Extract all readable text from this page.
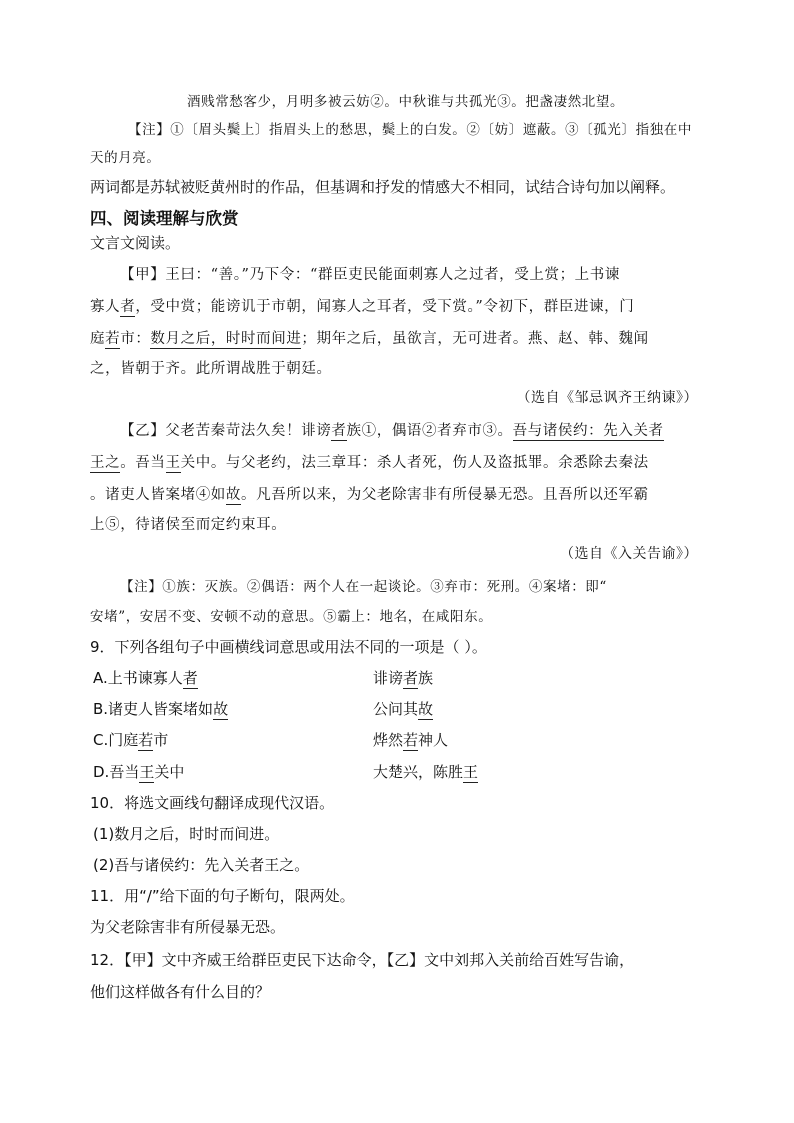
酒贱常愁客少，月明多被云妨②。中秋谁与共孤光③。把盏凄然北望。
【注】①〔眉头鬓上〕指眉头上的愁思，鬓上的白发。②〔妨〕遮蔽。③〔孤光〕指独在中
天的月亮。
两词都是苏轼被贬黄州时的作品，但基调和抒发的情感大不相同，试结合诗句加以阐释。
四、阅读理解与欣赏
文言文阅读。
【甲】王曰：“善。”乃下令：“群臣吏民能面刺寡人之过者，受上赏；上书谏
寡人者，受中赏；能谤讥于市朝，闻寡人之耳者，受下赏。”令初下，群臣进谏，门
庭若市：数月之后，时时而间进；期年之后，虽欲言，无可进者。燕、赵、韩、魏闻
之，皆朝于齐。此所谓战胜于朝廷。
（选自《邹忌讽齐王纳谏》）
【乙】父老苦秦苛法久矣！诽谤者族①，偶语②者弃市③。吾与诸侯约：先入关者
王之。吾当王关中。与父老约，法三章耳：杀人者死，伤人及盗抵罪。余悉除去秦法
。诸吏人皆案堵④如故。凡吾所以来，为父老除害非有所侵暴无恐。且吾所以还军霸
上⑤，待诸侯至而定约束耳。
（选自《入关告谕》）
【注】①族：灭族。②偶语：两个人在一起谈论。③弃市：死刑。④案堵：即“
安堵”，安居不变、安顿不动的意思。⑤霸上：地名，在咸阳东。
9．下列各组句子中画横线词意思或用法不同的一项是（ ）。
A.上书谏寡人者	诽谤者族
B.诸吏人皆案堵如故	公问其故
C.门庭若市	烨然若神人
D.吾当王关中	大楚兴，陈胜王
10．将选文画线句翻译成现代汉语。
(1)数月之后，时时而间进。
(2)吾与诸侯约：先入关者王之。
11．用“/”给下面的句子断句，限两处。
为父老除害非有所侵暴无恐。
12．【甲】文中齐威王给群臣吏民下达命令，【乙】文中刘邦入关前给百姓写告谕，
他们这样做各有什么目的？
